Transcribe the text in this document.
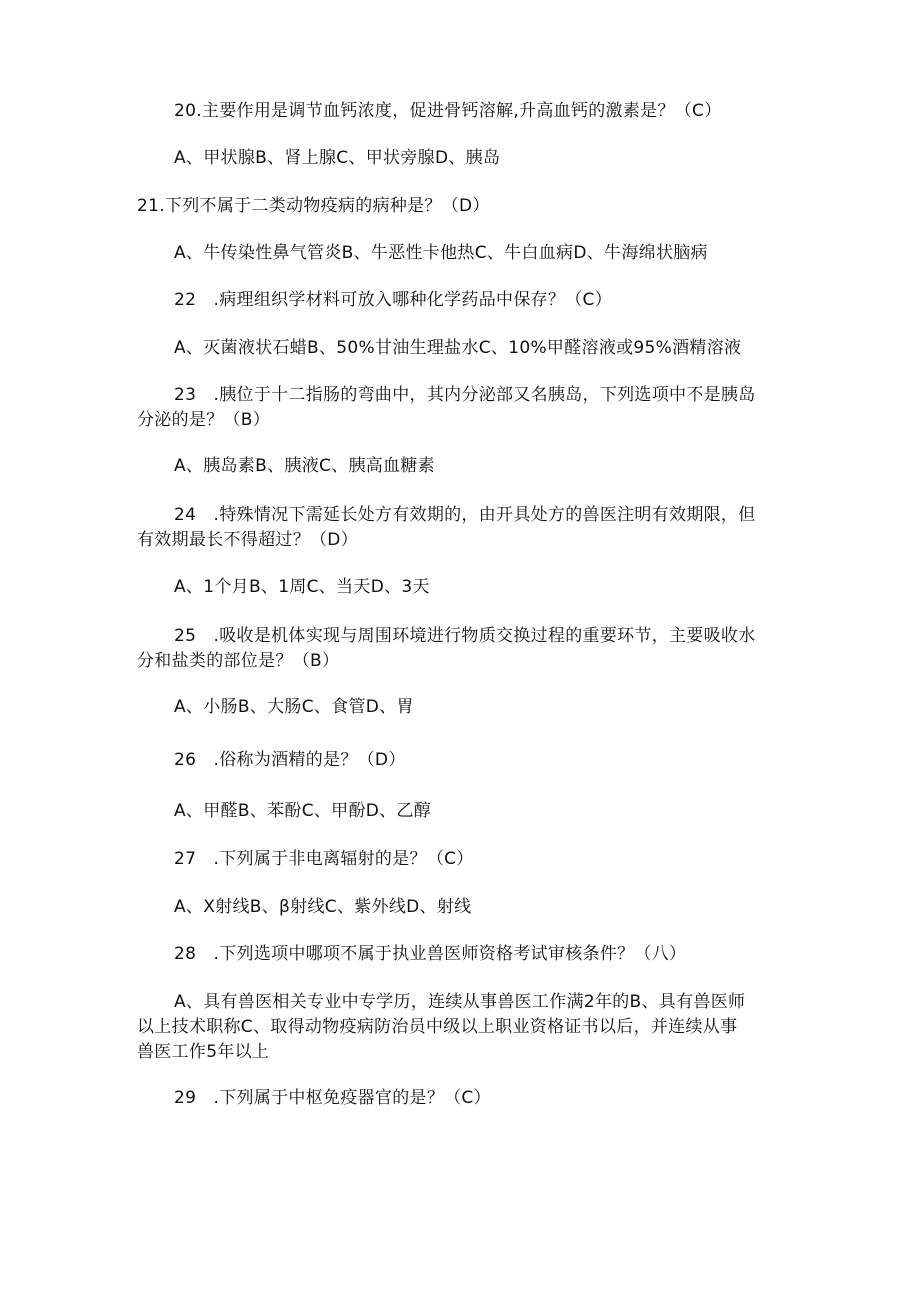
20.主要作用是调节血钙浓度，促进骨钙溶解,升高血钙的激素是？（C）
A、甲状腺B、肾上腺C、甲状旁腺D、胰岛
21.下列不属于二类动物疫病的病种是？（D）
A、牛传染性鼻气管炎B、牛恶性卡他热C、牛白血病D、牛海绵状脑病
22　.病理组织学材料可放入哪种化学药品中保存？（C）
A、灭菌液状石蜡B、50%甘油生理盐水C、10%甲醛溶液或95%酒精溶液
23　.胰位于十二指肠的弯曲中，其内分泌部又名胰岛，下列选项中不是胰岛
分泌的是？（B）
A、胰岛素B、胰液C、胰高血糖素
24　.特殊情况下需延长处方有效期的，由开具处方的兽医注明有效期限，但
有效期最长不得超过？（D）
A、1个月B、1周C、当天D、3天
25　.吸收是机体实现与周围环境进行物质交换过程的重要环节，主要吸收水
分和盐类的部位是？（B）
A、小肠B、大肠C、食管D、胃
26　.俗称为酒精的是？（D）
A、甲醛B、苯酚C、甲酚D、乙醇
27　.下列属于非电离辐射的是？（C）
A、X射线B、β射线C、紫外线D、射线
28　.下列选项中哪项不属于执业兽医师资格考试审核条件？（八）
A、具有兽医相关专业中专学历，连续从事兽医工作满2年的B、具有兽医师
以上技术职称C、取得动物疫病防治员中级以上职业资格证书以后，并连续从事
兽医工作5年以上
29　.下列属于中枢免疫器官的是？（C）
